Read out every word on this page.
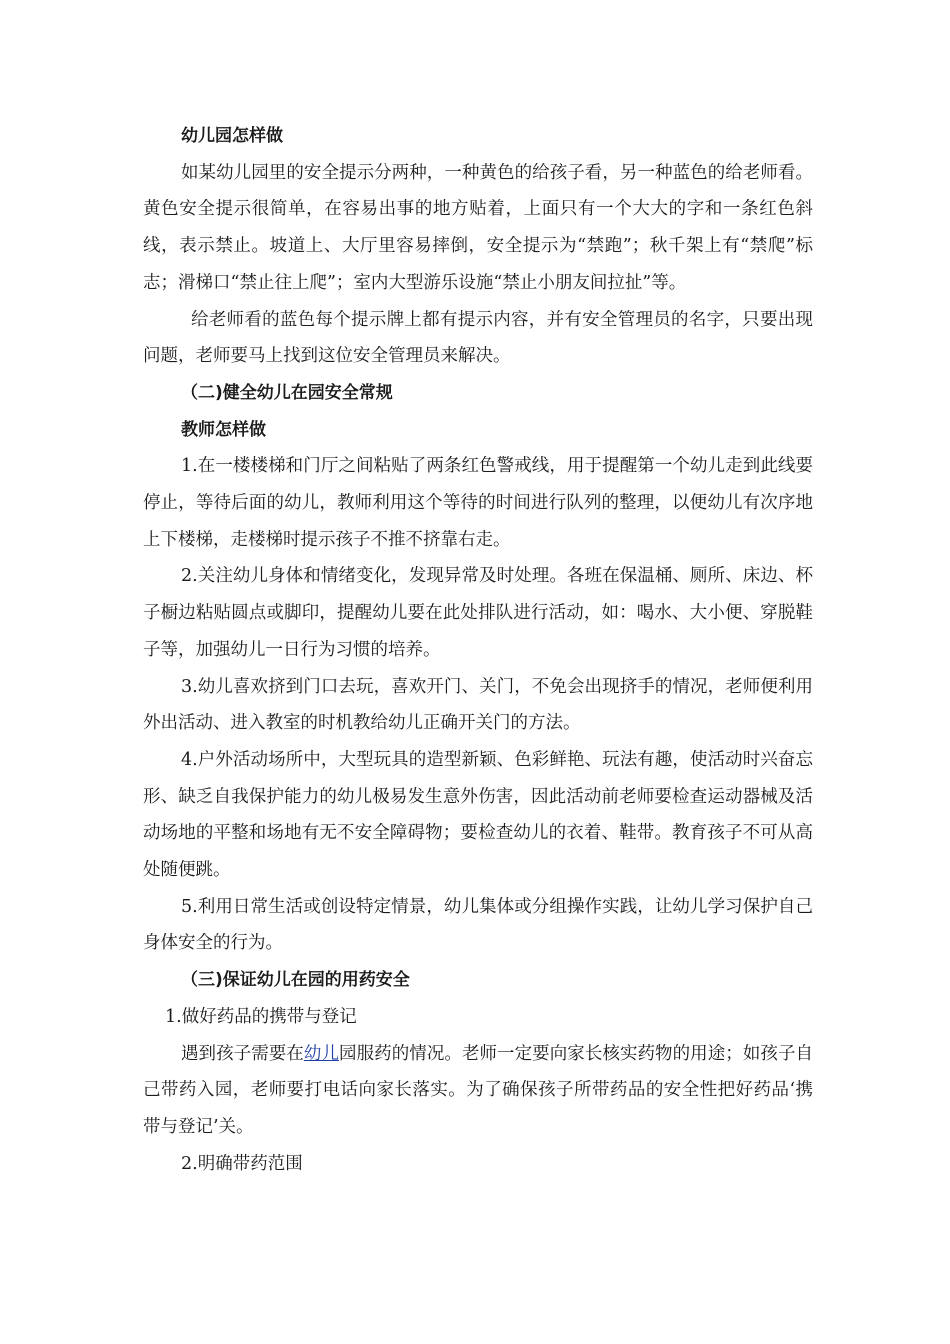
幼儿园怎样做

如某幼儿园里的安全提示分两种，一种黄色的给孩子看，另一种蓝色的给老师看。黄色安全提示很简单，在容易出事的地方贴着，上面只有一个大大的字和一条红色斜线，表示禁止。坡道上、大厅里容易摔倒，安全提示为“禁跑”；秋千架上有“禁爬”标志；滑梯口“禁止往上爬”；室内大型游乐设施“禁止小朋友间拉扯”等。

给老师看的蓝色每个提示牌上都有提示内容，并有安全管理员的名字，只要出现问题，老师要马上找到这位安全管理员来解决。

（二)健全幼儿在园安全常规

教师怎样做

1.在一楼楼梯和门厅之间粘贴了两条红色警戒线，用于提醒第一个幼儿走到此线要停止，等待后面的幼儿，教师利用这个等待的时间进行队列的整理，以便幼儿有次序地上下楼梯，走楼梯时提示孩子不推不挤靠右走。

2.关注幼儿身体和情绪变化，发现异常及时处理。各班在保温桶、厕所、床边、杯子橱边粘贴圆点或脚印，提醒幼儿要在此处排队进行活动，如：喝水、大小便、穿脱鞋子等，加强幼儿一日行为习惯的培养。

3.幼儿喜欢挤到门口去玩，喜欢开门、关门，不免会出现挤手的情况，老师便利用外出活动、进入教室的时机教给幼儿正确开关门的方法。

4.户外活动场所中，大型玩具的造型新颖、色彩鲜艳、玩法有趣，使活动时兴奋忘形、缺乏自我保护能力的幼儿极易发生意外伤害，因此活动前老师要检查运动器械及活动场地的平整和场地有无不安全障碍物；要检查幼儿的衣着、鞋带。教育孩子不可从高处随便跳。

5.利用日常生活或创设特定情景，幼儿集体或分组操作实践，让幼儿学习保护自己身体安全的行为。

（三)保证幼儿在园的用药安全

1.做好药品的携带与登记

遇到孩子需要在幼儿园服药的情况。老师一定要向家长核实药物的用途；如孩子自己带药入园，老师要打电话向家长落实。为了确保孩子所带药品的安全性把好药品‘携带与登记’关。

2.明确带药范围
